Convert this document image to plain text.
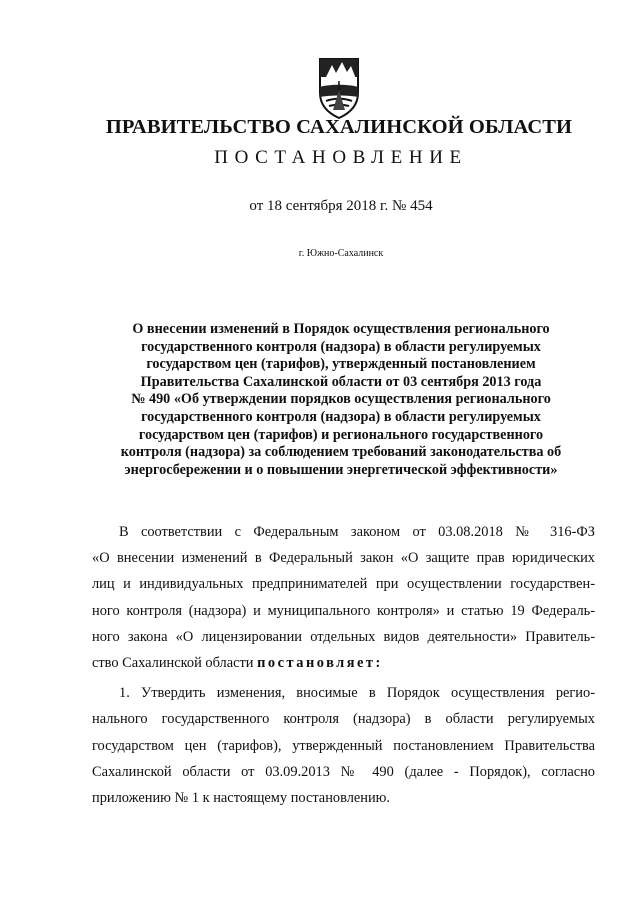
ПРАВИТЕЛЬСТВО САХАЛИНСКОЙ ОБЛАСТИ
ПОСТАНОВЛЕНИЕ
от 18 сентября 2018 г. № 454
г. Южно-Сахалинск
О внесении изменений в Порядок осуществления регионального
государственного контроля (надзора) в области регулируемых
государством цен (тарифов), утвержденный постановлением
Правительства Сахалинской области от 03 сентября 2013 года
№ 490 «Об утверждении порядков осуществления регионального
государственного контроля (надзора) в области регулируемых
государством цен (тарифов) и регионального государственного
контроля (надзора) за соблюдением требований законодательства об
энергосбережении и о повышении энергетической эффективности»
В соответствии с Федеральным законом от 03.08.2018 № 316-ФЗ
«О внесении изменений в Федеральный закон «О защите прав юридических
лиц и индивидуальных предпринимателей при осуществлении государствен-
ного контроля (надзора) и муниципального контроля» и статью 19 Федераль-
ного закона «О лицензировании отдельных видов деятельности» Правитель-
ство Сахалинской области постановляет:
1. Утвердить изменения, вносимые в Порядок осуществления регио-
нального государственного контроля (надзора) в области регулируемых
государством цен (тарифов), утвержденный постановлением Правительства
Сахалинской области от 03.09.2013 № 490 (далее - Порядок), согласно
приложению № 1 к настоящему постановлению.
